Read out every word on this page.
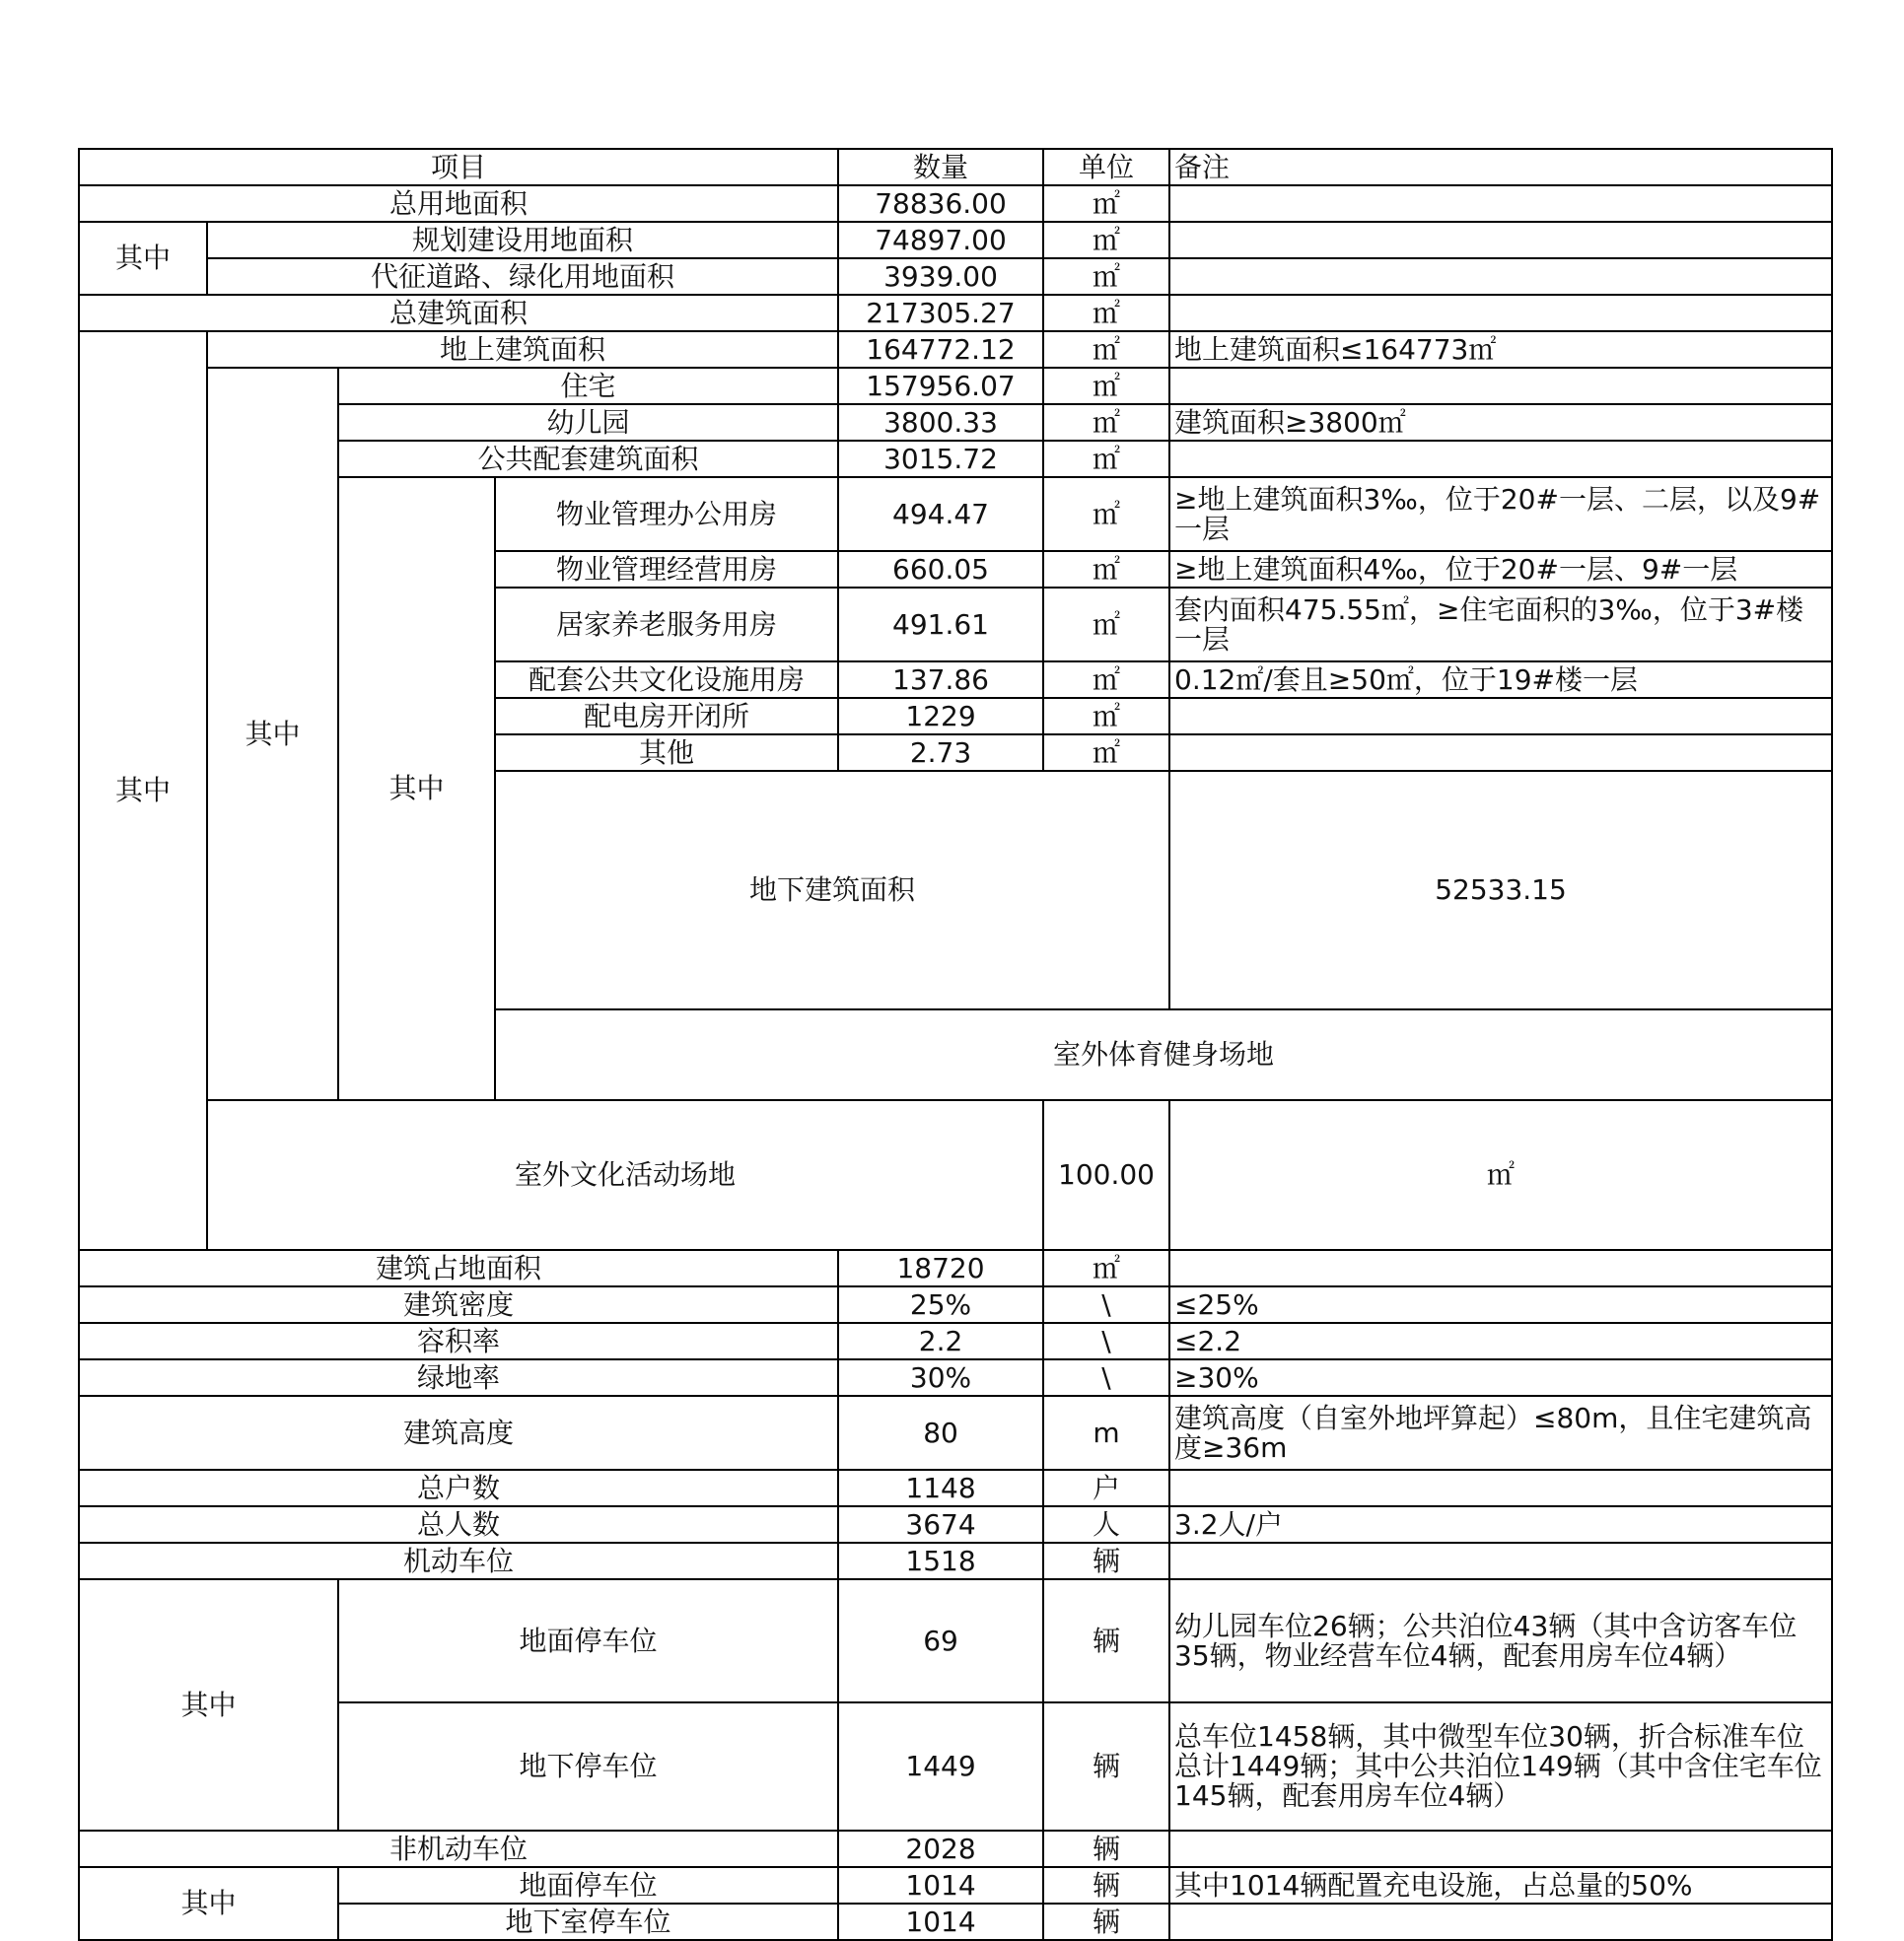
项目				数量	单位	备注	
总用地面积				78836.00	㎡		
其中	规划建设用地面积			74897.00	㎡		
	代征道路、绿化用地面积			3939.00	㎡		
总建筑面积				217305.27	㎡		
其中	地上建筑面积			164772.12	㎡	地上建筑面积≤164773㎡	
	其中	住宅		157956.07	㎡		
		幼儿园		3800.33	㎡	建筑面积≥3800㎡	
		公共配套建筑面积		3015.72	㎡		
		其中	物业管理办公用房	494.47	㎡	≥地上建筑面积3‰，位于20#一层、二层，以及9#一层	
			物业管理经营用房	660.05	㎡	≥地上建筑面积4‰，位于20#一层、9#一层	
			居家养老服务用房	491.61	㎡	套内面积475.55㎡，≥住宅面积的3‰，位于3#楼一层	
			配套公共文化设施用房	137.86	㎡	0.12㎡/套且≥50㎡，位于19#楼一层	
			配电房开闭所	1229	㎡		
			其他	2.73	㎡		
			地下建筑面积			52533.15		
			室外体育健身场地			
	室外文化活动场地				100.00	㎡	
建筑占地面积				18720	㎡		
建筑密度				25%	\	≤25%	
容积率				2.2	\	≤2.2	
绿地率				30%	\	≥30%	
建筑高度				80	m	建筑高度（自室外地坪算起）≤80m，且住宅建筑高度≥36m	
总户数				1148	户		
总人数				3674	人	3.2人/户	
机动车位				1518	辆		
其中		地面停车位		69	辆	幼儿园车位26辆；公共泊位43辆（其中含访客车位35辆，物业经营车位4辆，配套用房车位4辆）	
		地下停车位		1449	辆	总车位1458辆，其中微型车位30辆，折合标准车位总计1449辆；其中公共泊位149辆（其中含住宅车位145辆，配套用房车位4辆）	
非机动车位				2028	辆		
其中		地面停车位		1014	辆	其中1014辆配置充电设施，占总量的50%	
		地下室停车位		1014	辆		
